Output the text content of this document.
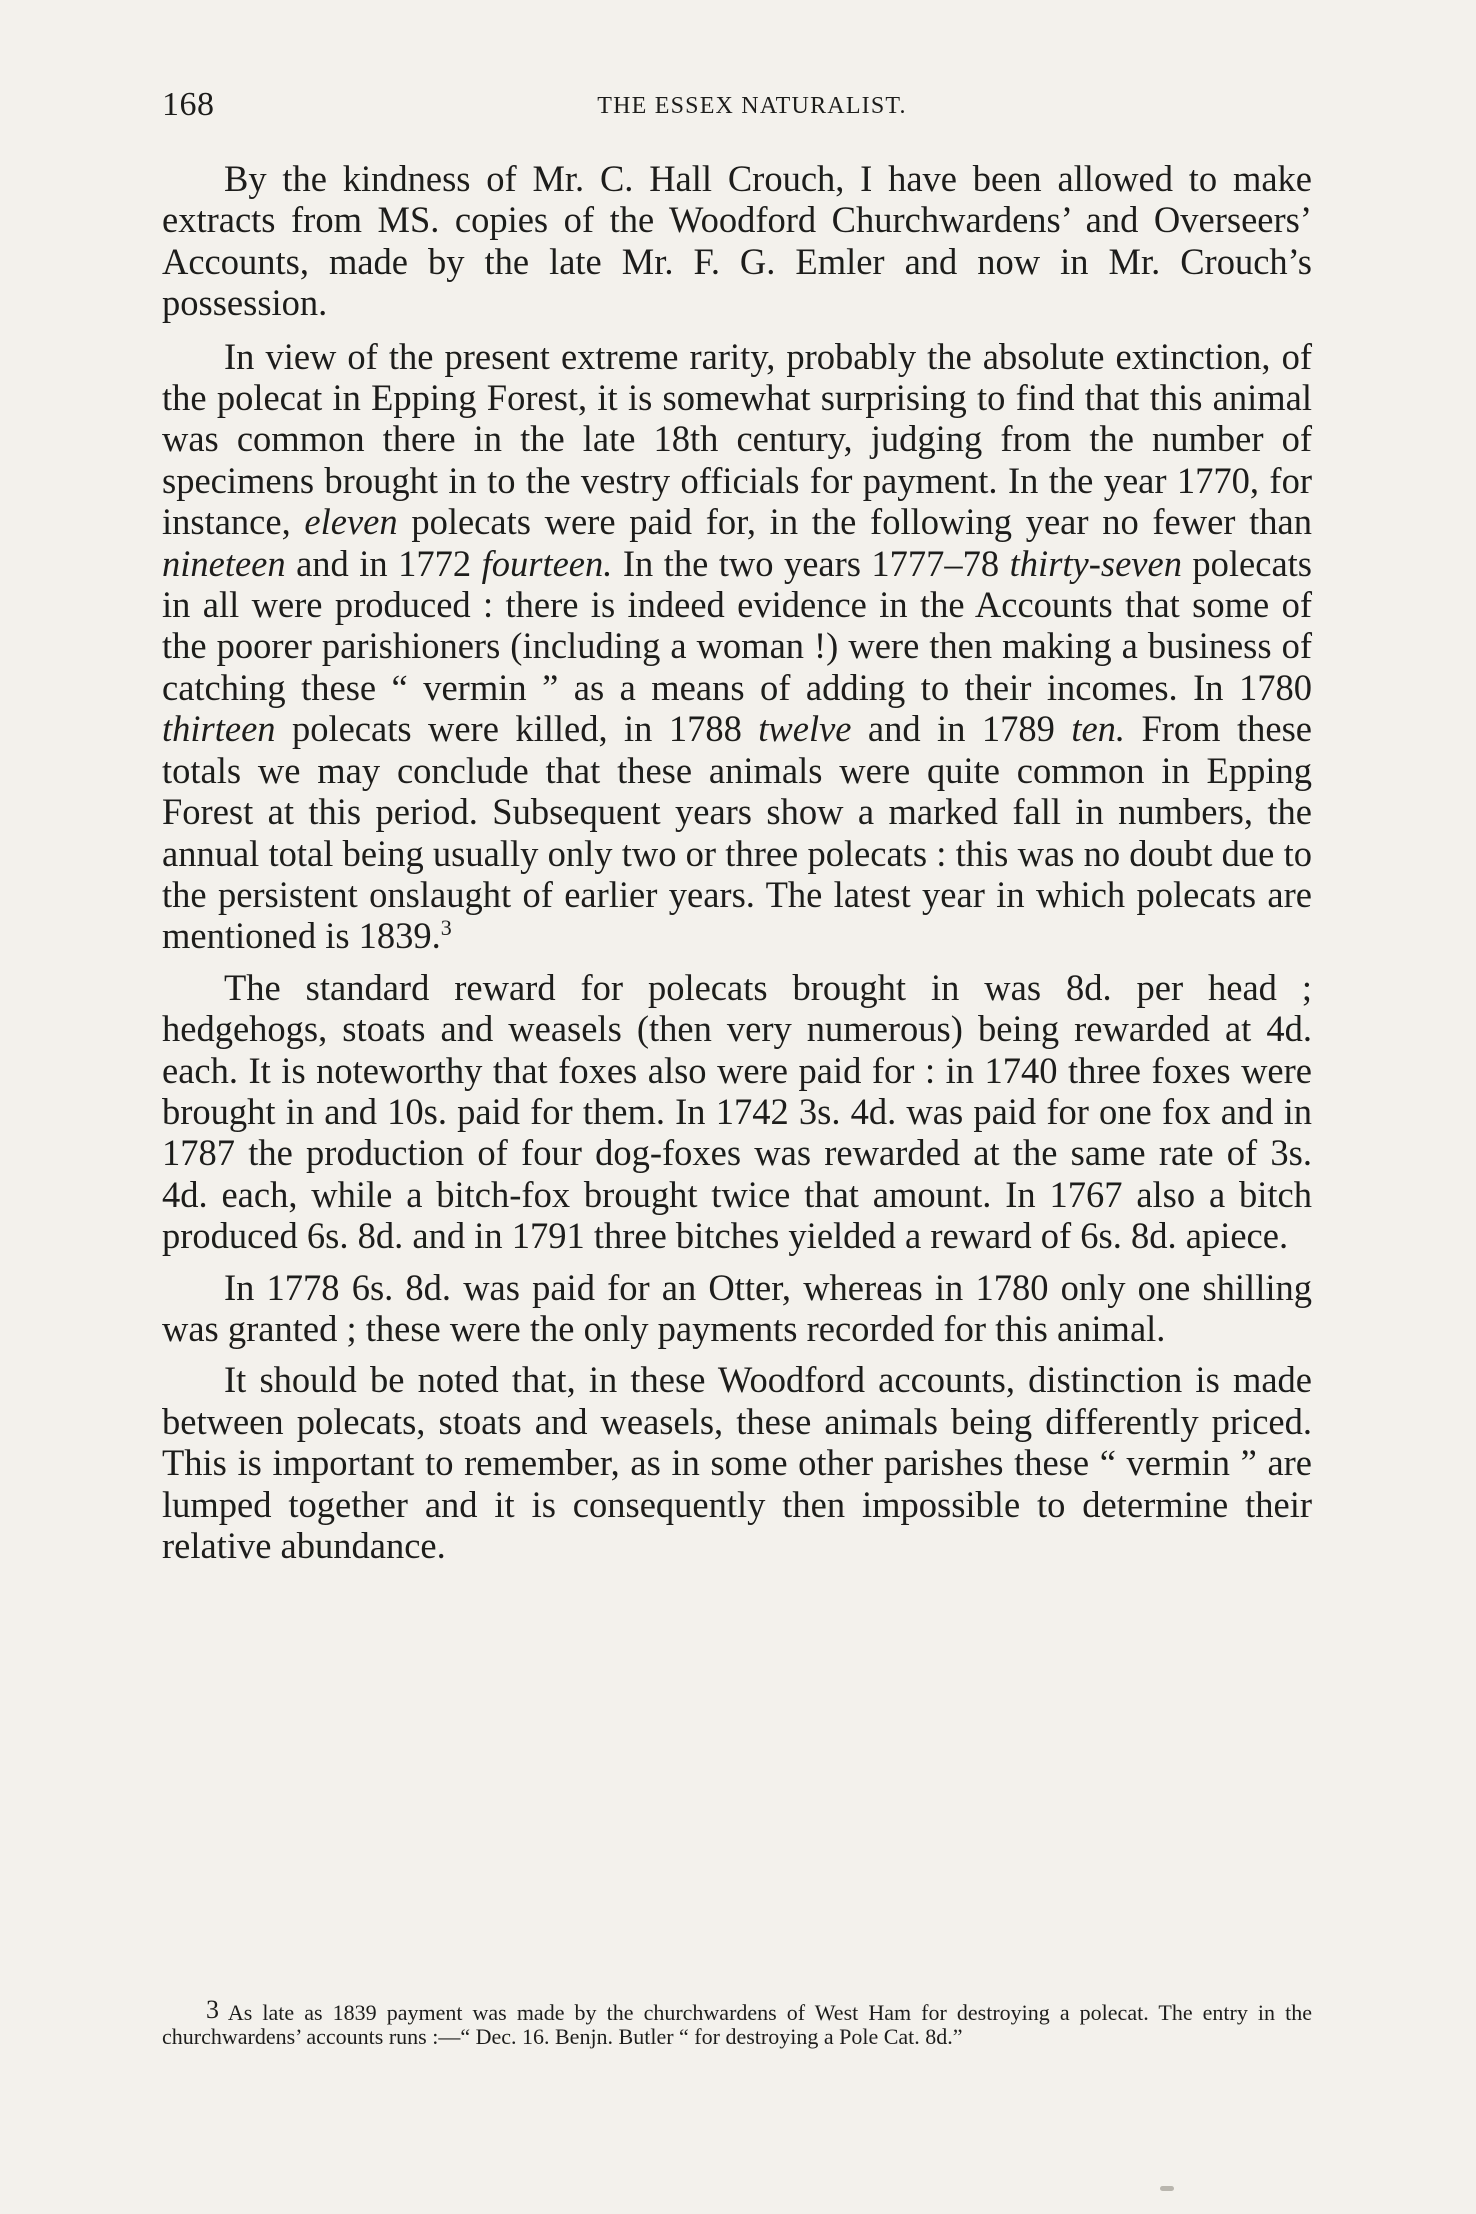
168	THE ESSEX NATURALIST.

By the kindness of Mr. C. Hall Crouch, I have been allowed to make extracts from MS. copies of the Woodford Churchwardens’ and Overseers’ Accounts, made by the late Mr. F. G. Emler and now in Mr. Crouch’s possession.

In view of the present extreme rarity, probably the absolute extinction, of the polecat in Epping Forest, it is somewhat surprising to find that this animal was common there in the late 18th century, judging from the number of specimens brought in to the vestry officials for payment. In the year 1770, for instance, eleven polecats were paid for, in the following year no fewer than nineteen and in 1772 fourteen. In the two years 1777–78 thirty-seven polecats in all were produced : there is indeed evidence in the Accounts that some of the poorer parishioners (including a woman !) were then making a business of catching these “ vermin ” as a means of adding to their incomes. In 1780 thirteen polecats were killed, in 1788 twelve and in 1789 ten. From these totals we may conclude that these animals were quite common in Epping Forest at this period. Subsequent years show a marked fall in numbers, the annual total being usually only two or three polecats : this was no doubt due to the persistent onslaught of earlier years. The latest year in which polecats are mentioned is 1839.$^3$

The standard reward for polecats brought in was 8d. per head ; hedgehogs, stoats and weasels (then very numerous) being rewarded at 4d. each. It is noteworthy that foxes also were paid for : in 1740 three foxes were brought in and 10s. paid for them. In 1742 3s. 4d. was paid for one fox and in 1787 the production of four dog-foxes was rewarded at the same rate of 3s. 4d. each, while a bitch-fox brought twice that amount. In 1767 also a bitch produced 6s. 8d. and in 1791 three bitches yielded a reward of 6s. 8d. apiece.

In 1778 6s. 8d. was paid for an Otter, whereas in 1780 only one shilling was granted ; these were the only payments recorded for this animal.

It should be noted that, in these Woodford accounts, distinction is made between polecats, stoats and weasels, these animals being differently priced. This is important to remember, as in some other parishes these “ vermin ” are lumped together and it is consequently then impossible to determine their relative abundance.

3 As late as 1839 payment was made by the churchwardens of West Ham for destroying a polecat. The entry in the churchwardens’ accounts runs :—“ Dec. 16. Benjn. Butler “ for destroying a Pole Cat. 8d.”
